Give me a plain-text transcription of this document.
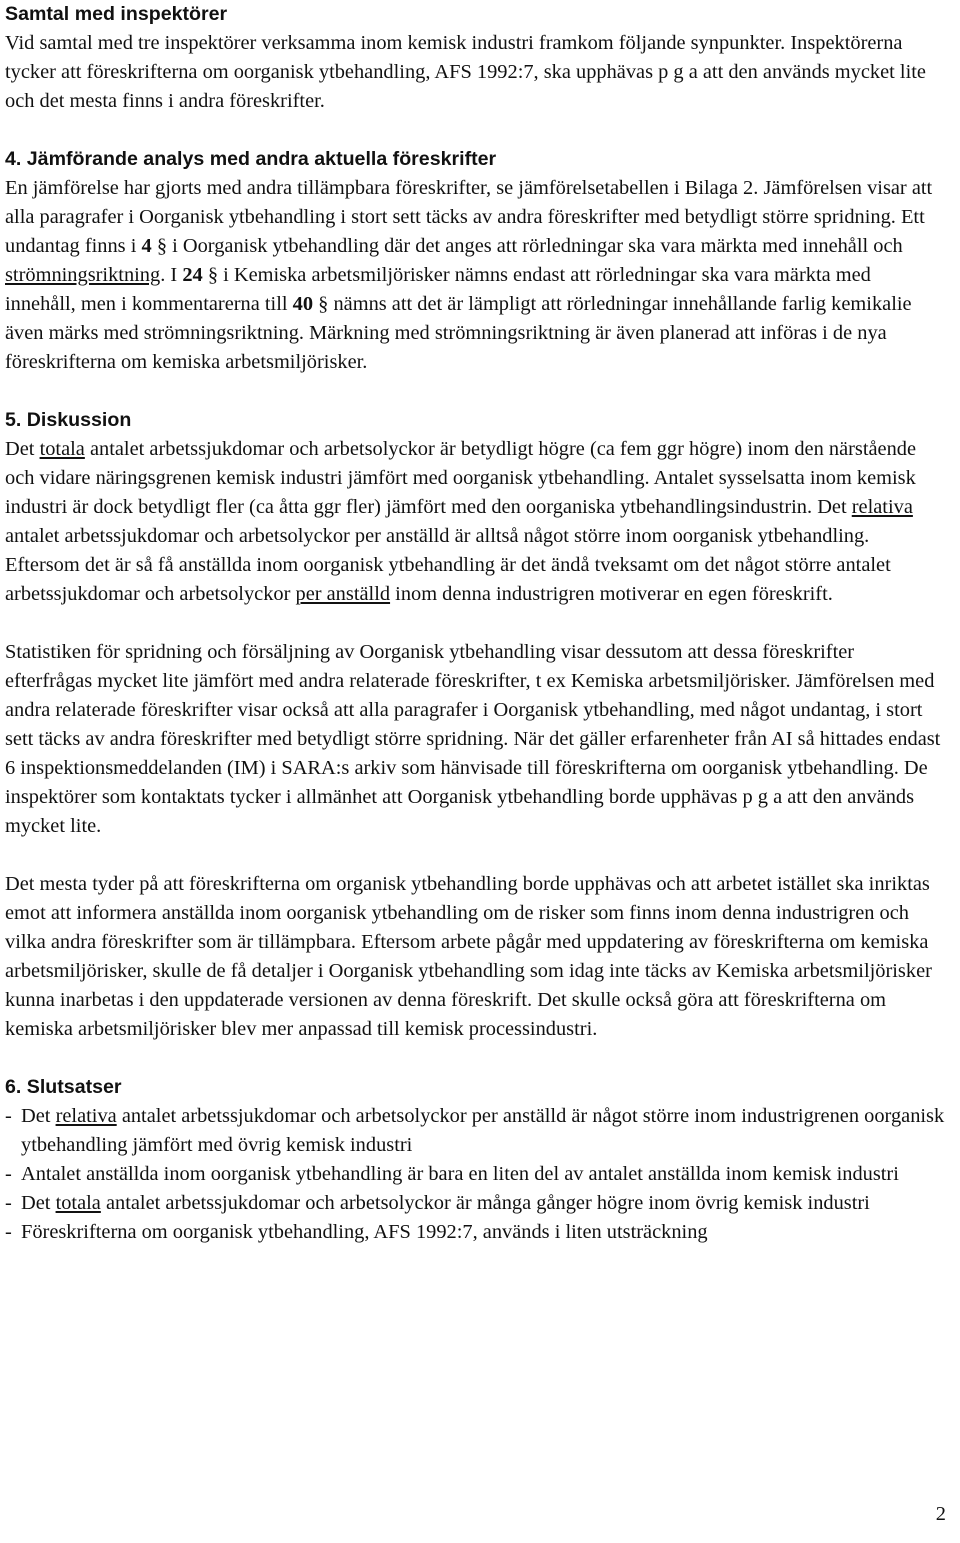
Samtal med inspektörer

Vid samtal med tre inspektörer verksamma inom kemisk industri framkom följande synpunkter. Inspektörerna tycker att föreskrifterna om oorganisk ytbehandling, AFS 1992:7, ska upphävas p g a att den används mycket lite och det mesta finns i andra föreskrifter.

4. Jämförande analys med andra aktuella föreskrifter

En jämförelse har gjorts med andra tillämpbara föreskrifter, se jämförelsetabellen i Bilaga 2. Jämförelsen visar att alla paragrafer i Oorganisk ytbehandling i stort sett täcks av andra föreskrifter med betydligt större spridning. Ett undantag finns i 4 § i Oorganisk ytbehandling där det anges att rörledningar ska vara märkta med innehåll och strömningsriktning. I 24 § i Kemiska arbetsmiljörisker nämns endast att rörledningar ska vara märkta med innehåll, men i kommentarerna till 40 § nämns att det är lämpligt att rörledningar innehållande farlig kemikalie även märks med strömningsriktning. Märkning med strömningsriktning är även planerad att införas i de nya föreskrifterna om kemiska arbetsmiljörisker.

5. Diskussion

Det totala antalet arbetssjukdomar och arbetsolyckor är betydligt högre (ca fem ggr högre) inom den närstående och vidare näringsgrenen kemisk industri jämfört med oorganisk ytbehandling. Antalet sysselsatta inom kemisk industri är dock betydligt fler (ca åtta ggr fler) jämfört med den oorganiska ytbehandlingsindustrin. Det relativa antalet arbetssjukdomar och arbetsolyckor per anställd är alltså något större inom oorganisk ytbehandling. Eftersom det är så få anställda inom oorganisk ytbehandling är det ändå tveksamt om det något större antalet arbetssjukdomar och arbetsolyckor per anställd inom denna industrigren motiverar en egen föreskrift.

Statistiken för spridning och försäljning av Oorganisk ytbehandling visar dessutom att dessa föreskrifter efterfrågas mycket lite jämfört med andra relaterade föreskrifter, t ex Kemiska arbetsmiljörisker. Jämförelsen med andra relaterade föreskrifter visar också att alla paragrafer i Oorganisk ytbehandling, med något undantag, i stort sett täcks av andra föreskrifter med betydligt större spridning. När det gäller erfarenheter från AI så hittades endast 6 inspektionsmeddelanden (IM) i SARA:s arkiv som hänvisade till föreskrifterna om oorganisk ytbehandling. De inspektörer som kontaktats tycker i allmänhet att Oorganisk ytbehandling borde upphävas p g a att den används mycket lite.

Det mesta tyder på att föreskrifterna om organisk ytbehandling borde upphävas och att arbetet istället ska inriktas emot att informera anställda inom oorganisk ytbehandling om de risker som finns inom denna industrigren och vilka andra föreskrifter som är tillämpbara. Eftersom arbete pågår med uppdatering av föreskrifterna om kemiska arbetsmiljörisker, skulle de få detaljer i Oorganisk ytbehandling som idag inte täcks av Kemiska arbetsmiljörisker kunna inarbetas i den uppdaterade versionen av denna föreskrift. Det skulle också göra att föreskrifterna om kemiska arbetsmiljörisker blev mer anpassad till kemisk processindustri.

6. Slutsatser
- Det relativa antalet arbetssjukdomar och arbetsolyckor per anställd är något större inom industrigrenen oorganisk ytbehandling jämfört med övrig kemisk industri
- Antalet anställda inom oorganisk ytbehandling är bara en liten del av antalet anställda inom kemisk industri
- Det totala antalet arbetssjukdomar och arbetsolyckor är många gånger högre inom övrig kemisk industri
- Föreskrifterna om oorganisk ytbehandling, AFS 1992:7, används i liten utsträckning
2
